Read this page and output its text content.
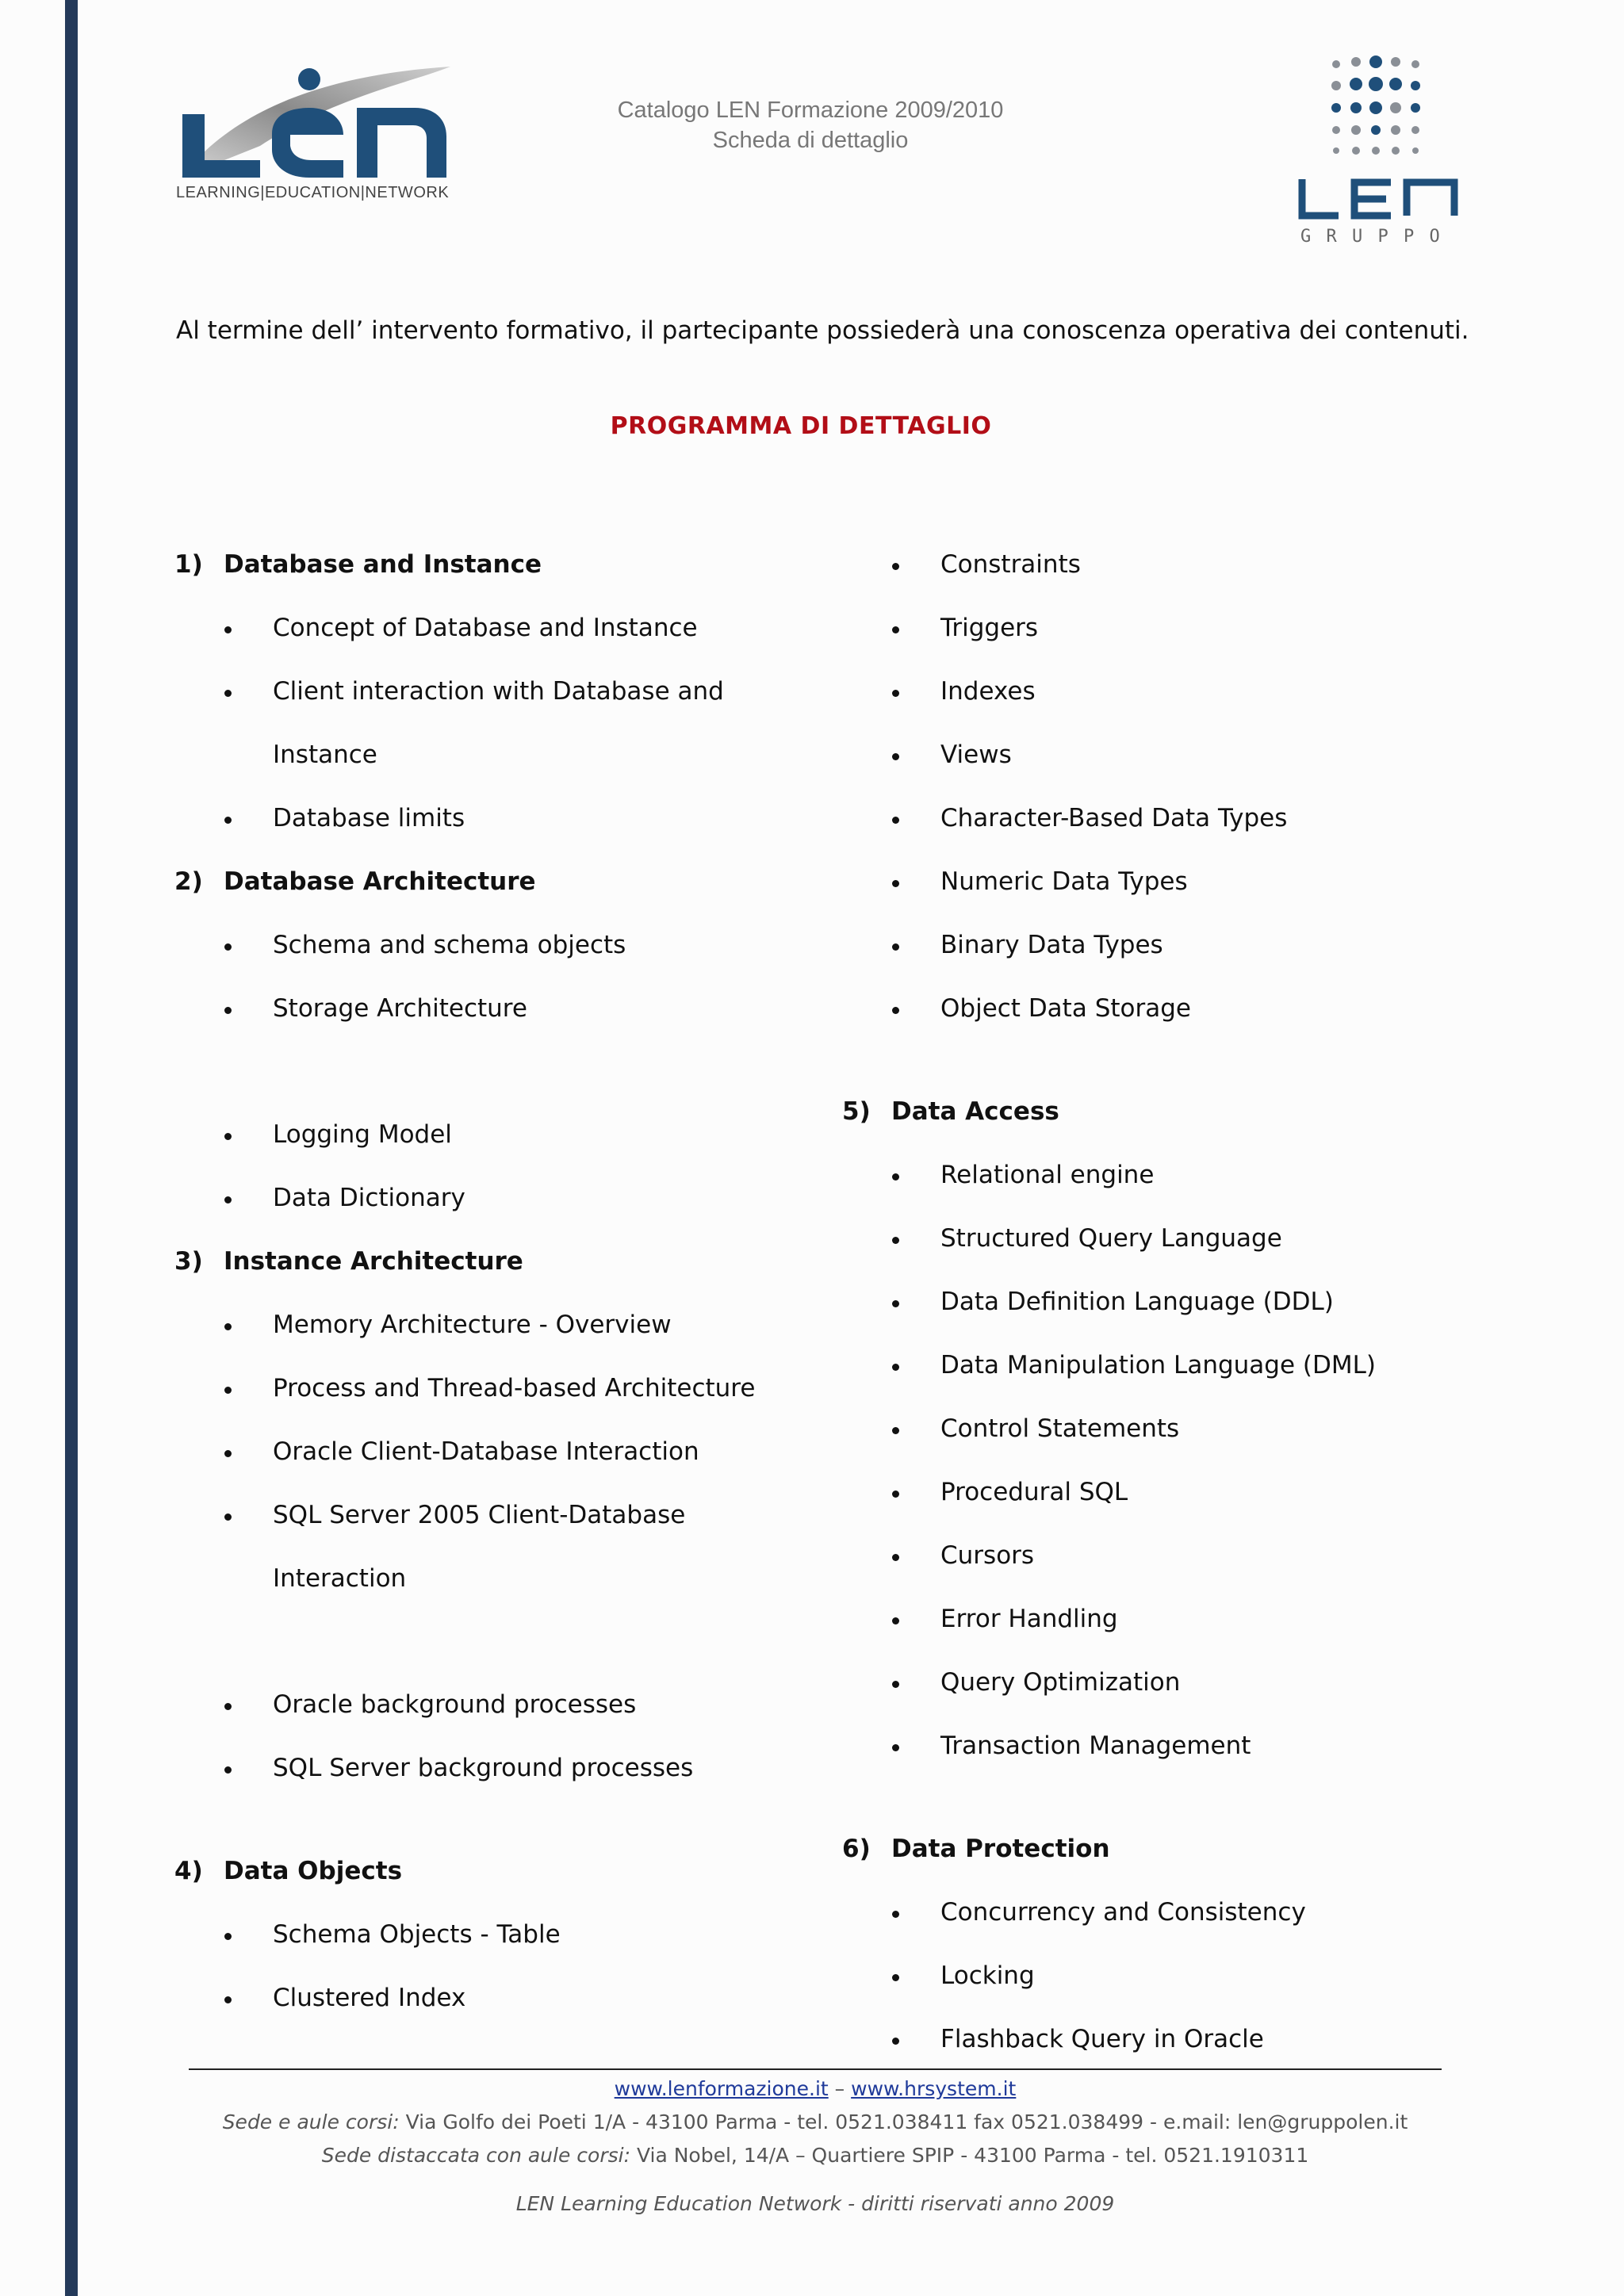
LEARNING|EDUCATION|NETWORK
Catalogo LEN Formazione 2009/2010
Scheda di dettaglio
G R U P P O
Al termine dell’ intervento formativo, il partecipante possiederà una conoscenza operativa dei contenuti.
PROGRAMMA DI DETTAGLIO
1) Database and Instance
Concept of Database and Instance
Client interaction with Database and
Instance
Database limits
2) Database Architecture
Schema and schema objects
Storage Architecture
Logging Model
Data Dictionary
3) Instance Architecture
Memory Architecture - Overview
Process and Thread-based Architecture
Oracle Client-Database Interaction
SQL Server 2005 Client-Database
Interaction
Oracle background processes
SQL Server background processes
4) Data Objects
Schema Objects - Table
Clustered Index
Constraints
Triggers
Indexes
Views
Character-Based Data Types
Numeric Data Types
Binary Data Types
Object Data Storage
5) Data Access
Relational engine
Structured Query Language
Data Definition Language (DDL)
Data Manipulation Language (DML)
Control Statements
Procedural SQL
Cursors
Error Handling
Query Optimization
Transaction Management
6) Data Protection
Concurrency and Consistency
Locking
Flashback Query in Oracle
www.lenformazione.it – www.hrsystem.it
Sede e aule corsi: Via Golfo dei Poeti 1/A - 43100 Parma - tel. 0521.038411 fax 0521.038499 - e.mail: len@gruppolen.it
Sede distaccata con aule corsi: Via Nobel, 14/A – Quartiere SPIP - 43100 Parma - tel. 0521.1910311
LEN Learning Education Network - diritti riservati anno 2009
